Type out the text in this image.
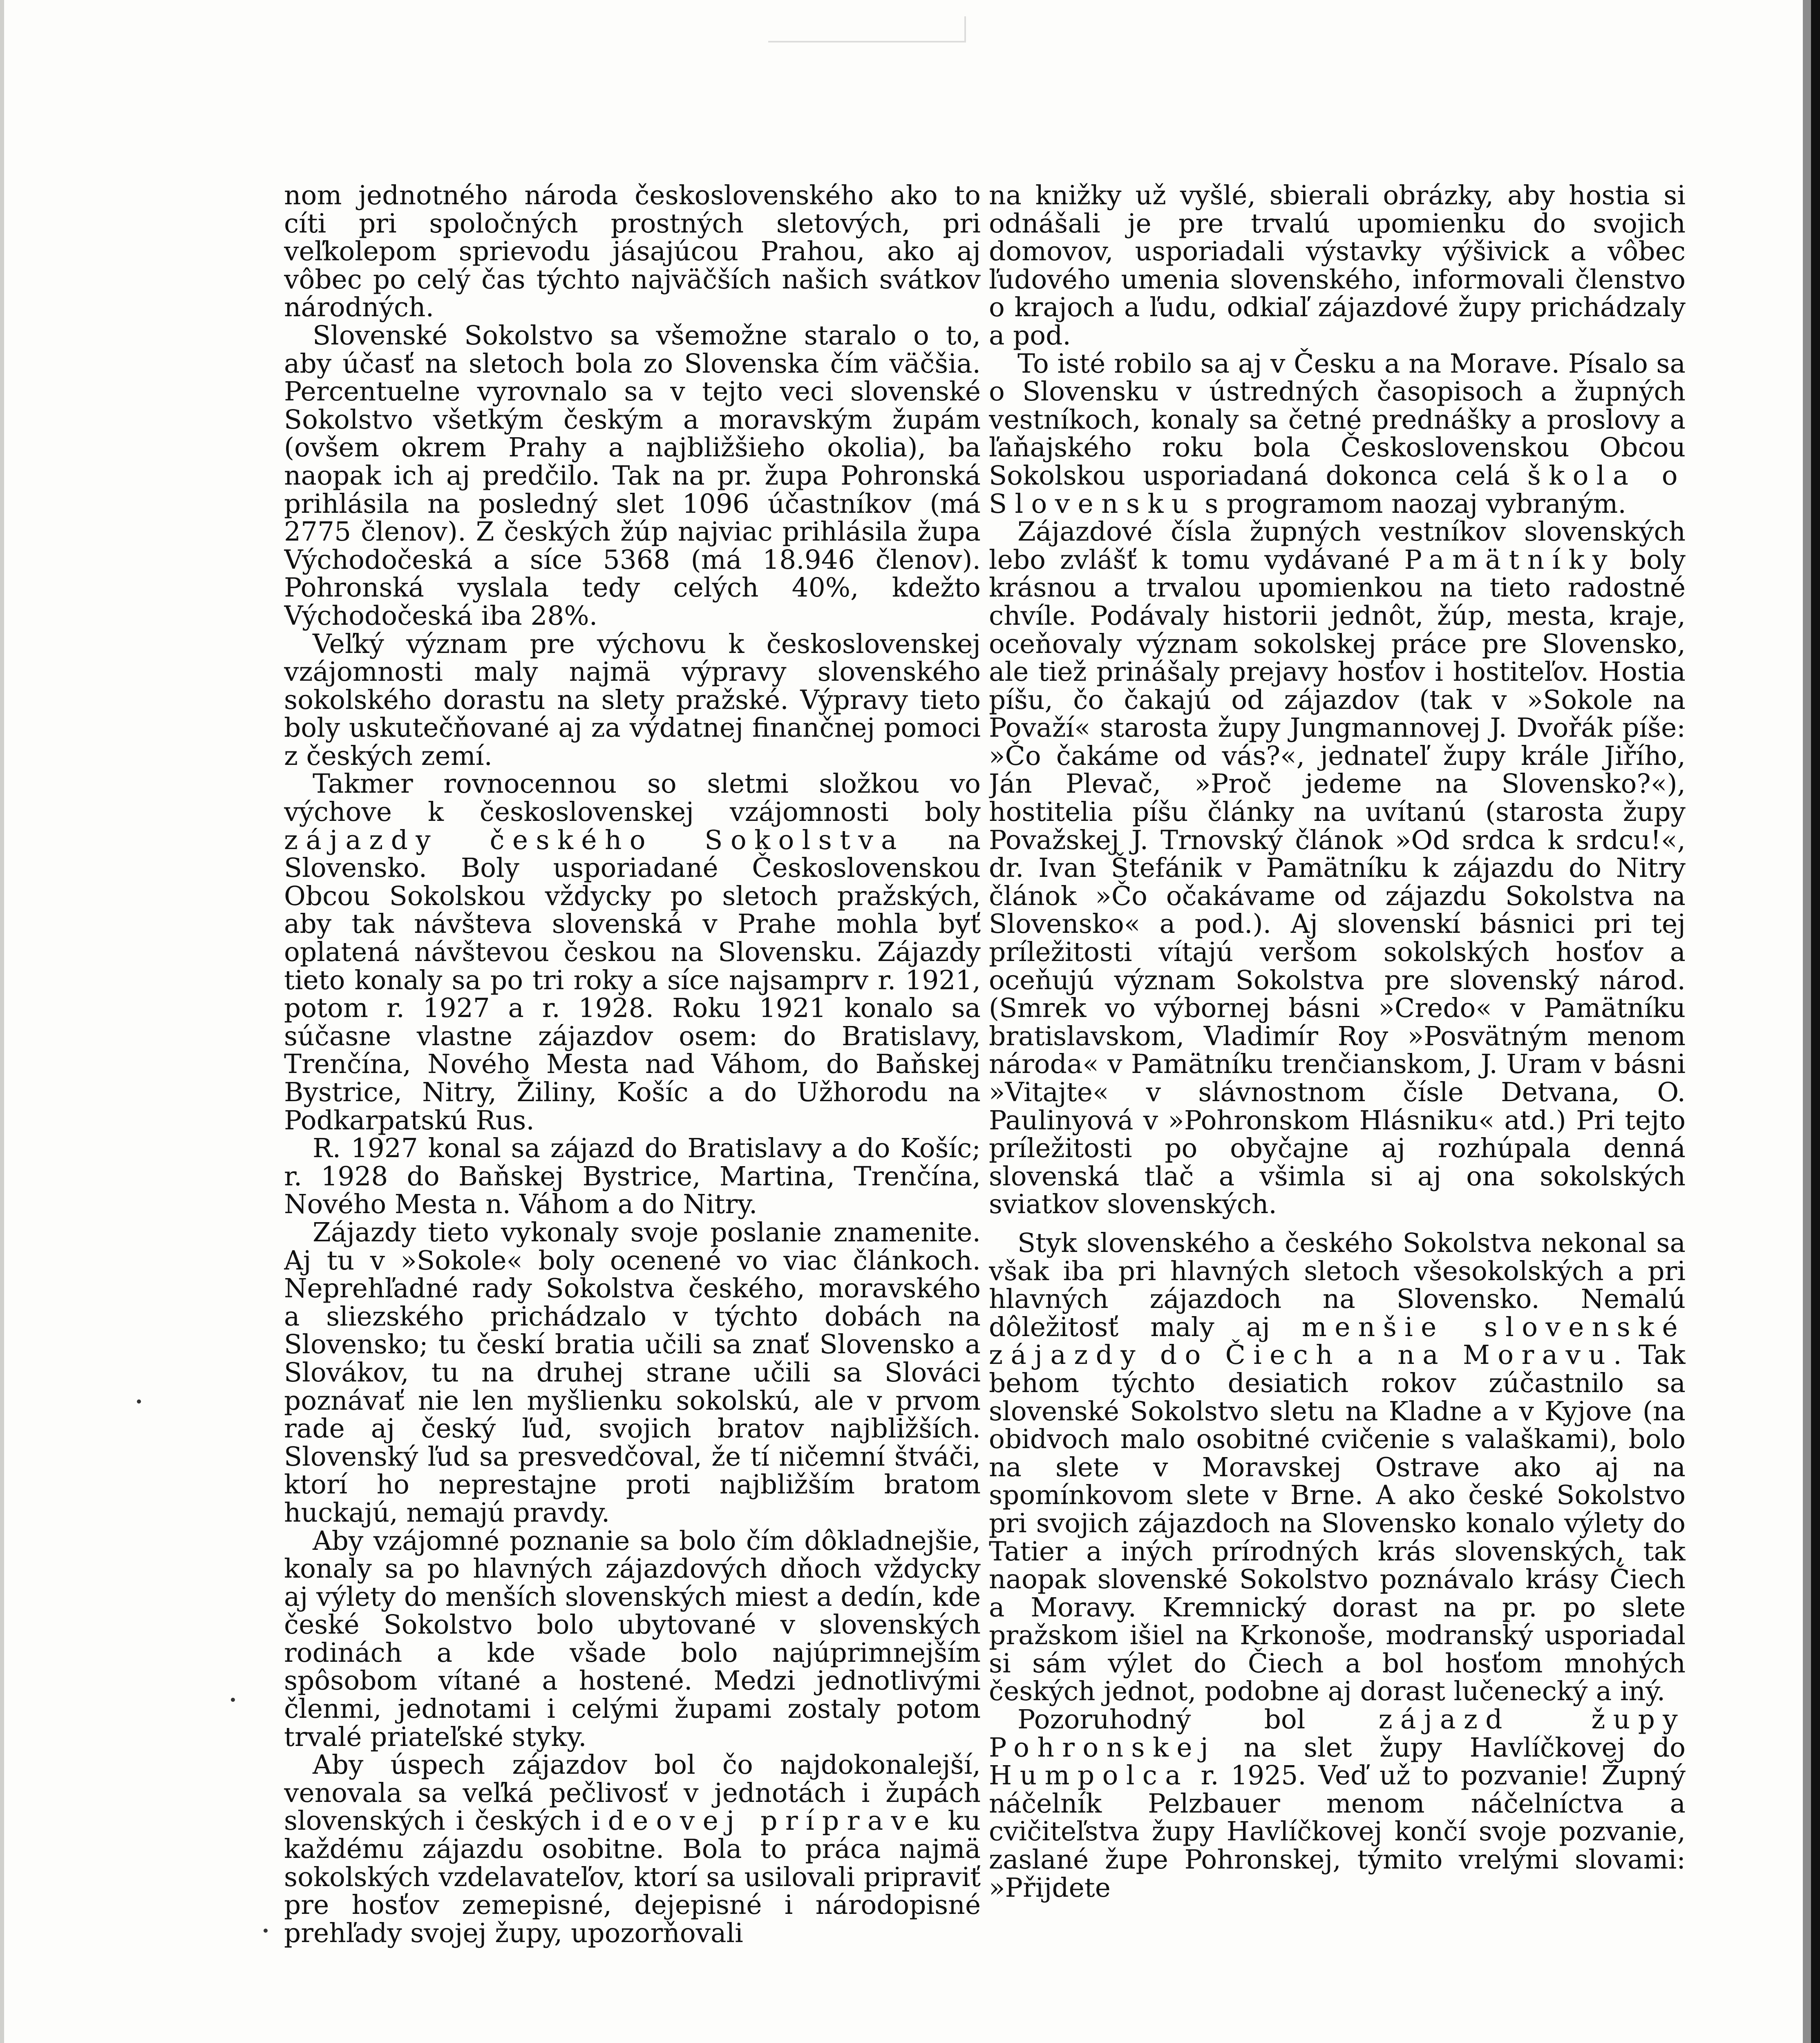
nom jednotného národa československého ako to cíti pri spoločných prostných sletových, pri veľkolepom sprievodu jásajúcou Prahou, ako aj vôbec po celý čas týchto najväčších našich svátkov národných.

Slovenské Sokolstvo sa všemožne staralo o to, aby účasť na sletoch bola zo Slovenska čím väčšia. Percentuelne vyrovnalo sa v tejto veci slovenské Sokolstvo všetkým českým a moravským župám (ovšem okrem Prahy a najbližšieho okolia), ba naopak ich aj predčilo. Tak na pr. župa Pohronská prihlásila na posledný slet 1096 účastníkov (má 2775 členov). Z českých žúp najviac prihlásila župa Východočeská a síce 5368 (má 18.946 členov). Pohronská vyslala tedy celých 40%, kdežto Východočeská iba 28%.

Veľký význam pre výchovu k československej vzájomnosti maly najmä výpravy slovenského sokolského dorastu na slety pražské. Výpravy tieto boly uskutečňované aj za výdatnej finančnej pomoci z českých zemí.

Takmer rovnocennou so sletmi složkou vo výchove k československej vzájomnosti boly zájazdy českého Sokolstva na Slovensko. Boly usporiadané Československou Obcou Sokolskou vždycky po sletoch pražských, aby tak návšteva slovenská v Prahe mohla byť oplatená návštevou českou na Slovensku. Zájazdy tieto konaly sa po tri roky a síce najsamprv r. 1921, potom r. 1927 a r. 1928. Roku 1921 konalo sa súčasne vlastne zájazdov osem: do Bratislavy, Trenčína, Nového Mesta nad Váhom, do Baňskej Bystrice, Nitry, Žiliny, Košíc a do Užhorodu na Podkarpatskú Rus.

R. 1927 konal sa zájazd do Bratislavy a do Košíc; r. 1928 do Baňskej Bystrice, Martina, Trenčína, Nového Mesta n. Váhom a do Nitry.

Zájazdy tieto vykonaly svoje poslanie znamenite. Aj tu v »Sokole« boly ocenené vo viac článkoch. Neprehľadné rady Sokolstva českého, moravského a sliezského prichádzalo v týchto dobách na Slovensko; tu českí bratia učili sa znať Slovensko a Slovákov, tu na druhej strane učili sa Slováci poznávať nie len myšlienku sokolskú, ale v prvom rade aj český ľud, svojich bratov najbližších. Slovenský ľud sa presvedčoval, že tí ničemní štváči, ktorí ho neprestajne proti najbližším bratom huckajú, nemajú pravdy.

Aby vzájomné poznanie sa bolo čím dôkladnejšie, konaly sa po hlavných zájazdových dňoch vždycky aj výlety do menších slovenských miest a dedín, kde české Sokolstvo bolo ubytované v slovenských rodinách a kde všade bolo najúprimnejším spôsobom vítané a hostené. Medzi jednotlivými členmi, jednotami i celými župami zostaly potom trvalé priateľské styky.

Aby úspech zájazdov bol čo najdokonalejší, venovala sa veľká pečlivosť v jednotách i župách slovenských i českých ideovej príprave ku každému zájazdu osobitne. Bola to práca najmä sokolských vzdelavateľov, ktorí sa usilovali pripraviť pre hosťov zemepisné, dejepisné i národopisné prehľady svojej župy, upozorňovali

na knižky už vyšlé, sbierali obrázky, aby hostia si odnášali je pre trvalú upomienku do svojich domovov, usporiadali výstavky výšivick a vôbec ľudového umenia slovenského, informovali členstvo o krajoch a ľudu, odkiaľ zájazdové župy prichádzaly a pod.

To isté robilo sa aj v Česku a na Morave. Písalo sa o Slovensku v ústredných časopisoch a župných vestníkoch, konaly sa četné prednášky a proslovy a ľaňajského roku bola Československou Obcou Sokolskou usporiadaná dokonca celá škola o Slovensku s programom naozaj vybraným.

Zájazdové čísla župných vestníkov slovenských lebo zvlášť k tomu vydávané Pamätníky boly krásnou a trvalou upomienkou na tieto radostné chvíle. Podávaly historii jednôt, žúp, mesta, kraje, oceňovaly význam sokolskej práce pre Slovensko, ale tiež prinášaly prejavy hosťov i hostiteľov. Hostia píšu, čo čakajú od zájazdov (tak v »Sokole na Považí« starosta župy Jungmannovej J. Dvořák píše: »Čo čakáme od vás?«, jednateľ župy krále Jiřího, Ján Plevač, »Proč jedeme na Slovensko?«), hostitelia píšu články na uvítanú (starosta župy Považskej J. Trnovský článok »Od srdca k srdcu!«, dr. Ivan Štefánik v Pamätníku k zájazdu do Nitry článok »Čo očakávame od zájazdu Sokolstva na Slovensko« a pod.). Aj slovenskí básnici pri tej príležitosti vítajú veršom sokolských hosťov a oceňujú význam Sokolstva pre slovenský národ. (Smrek vo výbornej básni »Credo« v Pamätníku bratislavskom, Vladimír Roy »Posvätným menom národa« v Pamätníku trenčianskom, J. Uram v básni »Vitajte« v slávnostnom čísle Detvana, O. Paulinyová v »Pohronskom Hlásniku« atd.) Pri tejto príležitosti po obyčajne aj rozhúpala denná slovenská tlač a všimla si aj ona sokolských sviatkov slovenských.

Styk slovenského a českého Sokolstva nekonal sa však iba pri hlavných sletoch všesokolských a pri hlavných zájazdoch na Slovensko. Nemalú dôležitosť maly aj menšie slovenské zájazdy do Čiech a na Moravu. Tak behom týchto desiatich rokov zúčastnilo sa slovenské Sokolstvo sletu na Kladne a v Kyjove (na obidvoch malo osobitné cvičenie s valaškami), bolo na slete v Moravskej Ostrave ako aj na spomínkovom slete v Brne. A ako české Sokolstvo pri svojich zájazdoch na Slovensko konalo výlety do Tatier a iných prírodných krás slovenských, tak naopak slovenské Sokolstvo poznávalo krásy Čiech a Moravy. Kremnický dorast na pr. po slete pražskom išiel na Krkonoše, modranský usporiadal si sám výlet do Čiech a bol hosťom mnohých českých jednot, podobne aj dorast lučenecký a iný.

Pozoruhodný bol	zájazd župy Pohronskej na slet župy Havlíčkovej do Humpolca r. 1925. Veď už to pozvanie! Župný náčelník Pelzbauer menom náčelníctva a cvičiteľstva župy Havlíčkovej končí svoje pozvanie, zaslané župe Pohronskej, týmito vrelými slovami: »Přijdete
